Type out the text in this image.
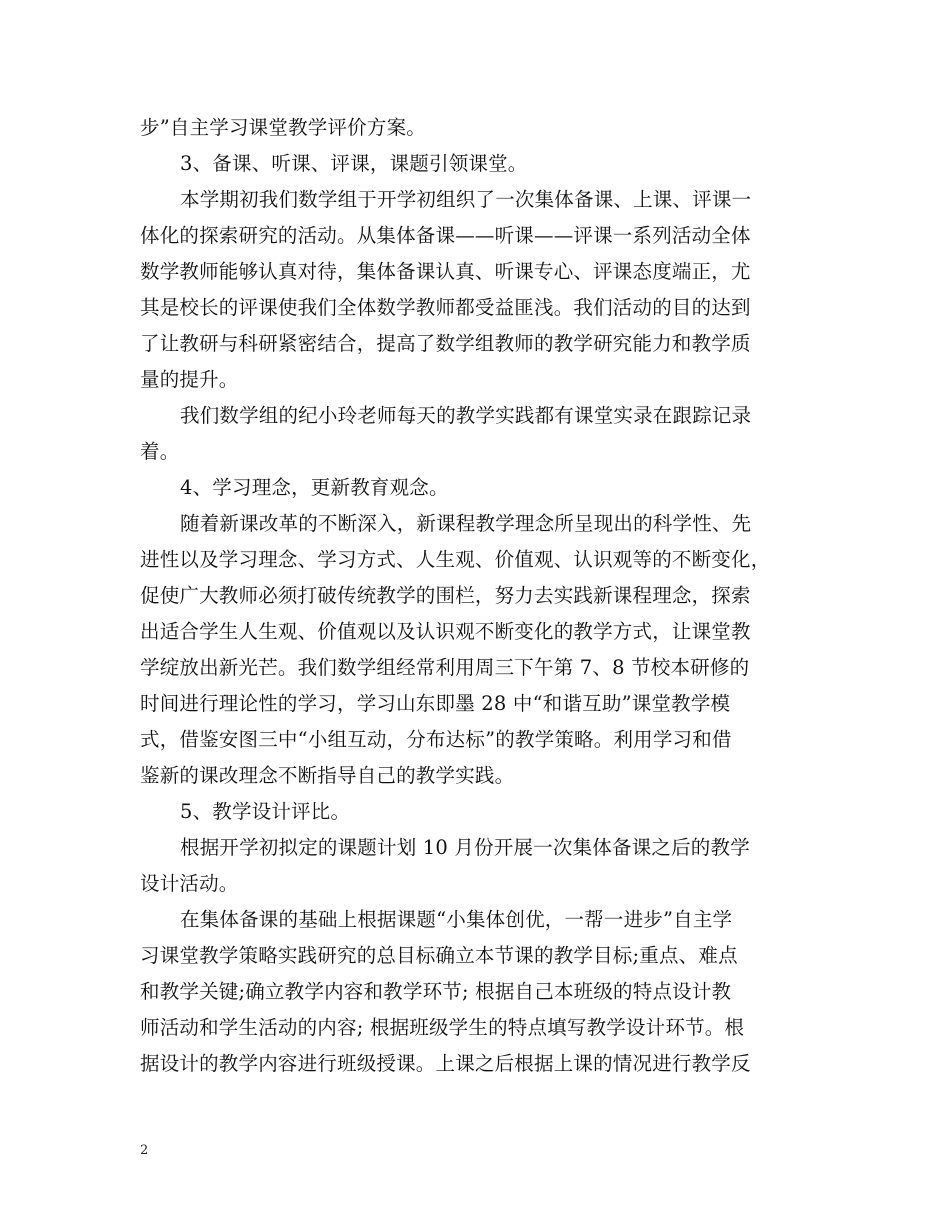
步”自主学习课堂教学评价方案。
3、备课、听课、评课，课题引领课堂。
本学期初我们数学组于开学初组织了一次集体备课、上课、评课一
体化的探索研究的活动。从集体备课——听课——评课一系列活动全体
数学教师能够认真对待，集体备课认真、听课专心、评课态度端正，尤
其是校长的评课使我们全体数学教师都受益匪浅。我们活动的目的达到
了让教研与科研紧密结合，提高了数学组教师的教学研究能力和教学质
量的提升。
我们数学组的纪小玲老师每天的教学实践都有课堂实录在跟踪记录
着。
4、学习理念，更新教育观念。
随着新课改革的不断深入，新课程教学理念所呈现出的科学性、先
进性以及学习理念、学习方式、人生观、价值观、认识观等的不断变化，
促使广大教师必须打破传统教学的围栏，努力去实践新课程理念，探索
出适合学生人生观、价值观以及认识观不断变化的教学方式，让课堂教
学绽放出新光芒。我们数学组经常利用周三下午第 7、8 节校本研修的
时间进行理论性的学习，学习山东即墨 28 中“和谐互助”课堂教学模
式，借鉴安图三中“小组互动，分布达标”的教学策略。利用学习和借
鉴新的课改理念不断指导自己的教学实践。
5、教学设计评比。
根据开学初拟定的课题计划 10 月份开展一次集体备课之后的教学
设计活动。
在集体备课的基础上根据课题“小集体创优，一帮一进步”自主学
习课堂教学策略实践研究的总目标确立本节课的教学目标;重点、难点
和教学关键;确立教学内容和教学环节; 根据自己本班级的特点设计教
师活动和学生活动的内容; 根据班级学生的特点填写教学设计环节。根
据设计的教学内容进行班级授课。上课之后根据上课的情况进行教学反
2
